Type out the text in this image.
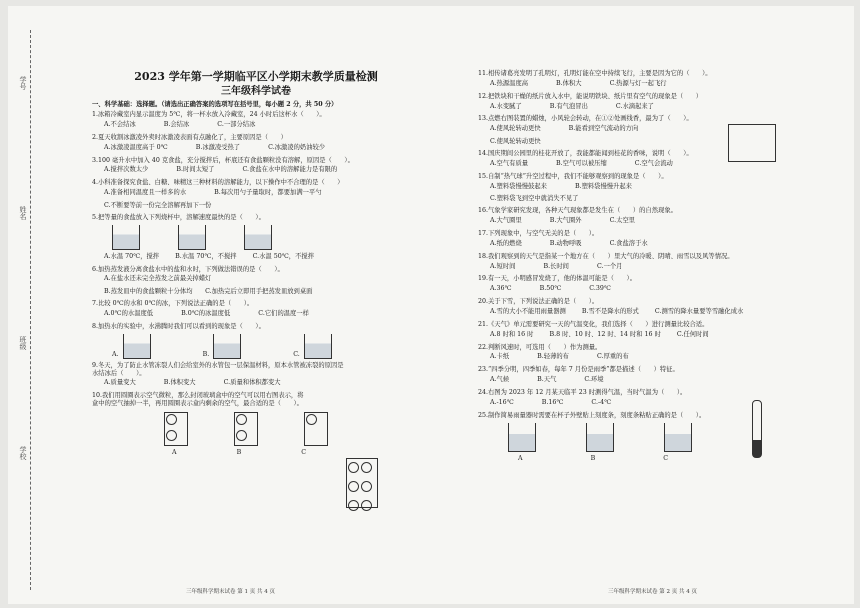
学号
姓名
班级
学校
2023 学年第一学期临平区小学期末教学质量检测
三年级科学试卷
一、科学基础：选择题。（请选出正确答案的选项写在括号里，每小题 2 分，共 50 分）

1.冰箱冷藏室内显示温度为 5℃，将一杯水放入冷藏室，24 小时后这杯水（　　）。

A.不会结冰	B.会结冰	C.一部分结冰

2.夏天收割冰激凌外卖时冰激凌表面有点融化了，主要原因是（　　）

A.冰激凌温度高于 0℃	B.冰激凌受热了	C.冰激凌的奶油较少

3.100 毫升水中加入 40 克食盐，充分搅拌后，杯底还有食盐颗粒没有溶解，原因是（　　）。

A.搅拌次数太少	B.时间太短了	C.食盐在水中的溶解能力是有限的

4.小科准备探究食盐、白糖、味精这三种材料的溶解能力，以下操作中不合理的是（　　）

A.准备相同温度且一样多的水	B.每次用勺子量取时，都要加满一平勺

C.不断要等前一份完全溶解再加下一份

5.把等量的食盐放入下列烧杯中，溶解速度最快的是（　　）。

A.水温 70℃，搅拌	B.水温 70℃，不搅拌	C.水温 50℃，不搅拌

6.加热蒸发液分离食盐水中的盐和水时，下列做法错误的是（　　）。

A.在盐水还未完全蒸发之前最关掉蜡灯

B.蒸发皿中的食盐颗粒十分体均　　C.加热完后立即用手把蒸发皿放到桌面

7.比较 0℃的水和 0℃的冰，下列说法正确的是（　　）。

A.0℃的水温度低	B.0℃的冰温度低	C.它们的温度一样

8.加热水的实验中，水沸腾时我们可以看到的现象是（　　）。

A.	B.	C.

9.冬天，为了防止水管冻裂人们会给室外的水管包一层保温材料，原本水管被冻裂的原因是

水结冰后（　　）。

A.质量变大	B.体积变大	C.质量和体积都变大

10.我们用圆圈表示空气微粒，那么封闭玻璃盒中的空气可以用右图表示，将

盒中的空气抽掉一半，再用圆圈表示盒内剩余的空气，最合适的是（　　）。

A	B	C

11.相传诸葛亮发明了孔明灯，孔明灯能在空中持续飞行，主要是因为它的（　　）。

A.热源温度高	B.体积大	C.热源与灯一起飞行

12.把铁块和干燥的纸片放入水中，能说明铁块、纸片里有空气的现象是（　　）

A.水变腻了	B.有气泡冒出	C.水滴起来了

13.点燃右图装置的蜡烛，小风轮会转动，在①②处画线香，最为了（　　）。

A.使风轮转动更快	B.能看到空气流动的方向

C.使风轮转动更快

14.国庆期间公园里的桂花开放了，我能都能闻到桂花的香味，说明（　　）。

A.空气有质量	B.空气可以被压缩	C.空气会流动

15.自制“热气球”升空过程中，我们不能够观察到的现象是（　　）。

A.塑料袋慢慢鼓起来	B.塑料袋慢慢升起来

C.塑料袋飞到空中就消失不见了

16.气象学家研究发现，各种天气现象都是发生在（　　）的自然现象。

A.大气圈里	B.大气圈外	C.太空里

17.下列现象中，与空气无关的是（　　）。

A.纸的燃烧	B.动物呼吸	C.食盐溶于水

18.我们观察到的天气是指某一个地方在（　　）里大气的冷暖、阴晴、雨雪以及风等情况。

A.短时间	B.长时间	C.一个月

19.有一天，小明感冒发烧了，他的体温可能是（　　）。

A.36℃	B.50℃	C.39℃

20.关于下雪，下列说法正确的是（　　）。

A.雪的大小不能用雨量器测	B.雪不是降水的形式	C.测雪的降水量要等雪融化成水

21.《天气》单元需要研究一天的气温变化，我们选择（　　）进行测量比较合适。

A.8 时和 16 时	B.8 时、10 时、12 时、14 时和 16 时	C.任何时间

22.判断风速时，可选用（　　）作为测量。

A.卡纸	B.轻薄的布	C.厚重的布

23.“四季分明，四季如春，每年 7 月份是雨季”都是描述（　　）特征。

A.气候	B.天气	C.环境

24.右图为 2023 年 12 月某天临平 23 时测得气温，当时气温为（　　）。

A.-16℃	B.16℃	C.-4℃

25.制作简易雨量器时需要在杯子外壁贴上刻度条，刻度条粘贴正确的是（　　）。

A	B	C
三年级科学期末试卷 第 1 页 共 4 页	三年级科学期末试卷 第 2 页 共 4 页
